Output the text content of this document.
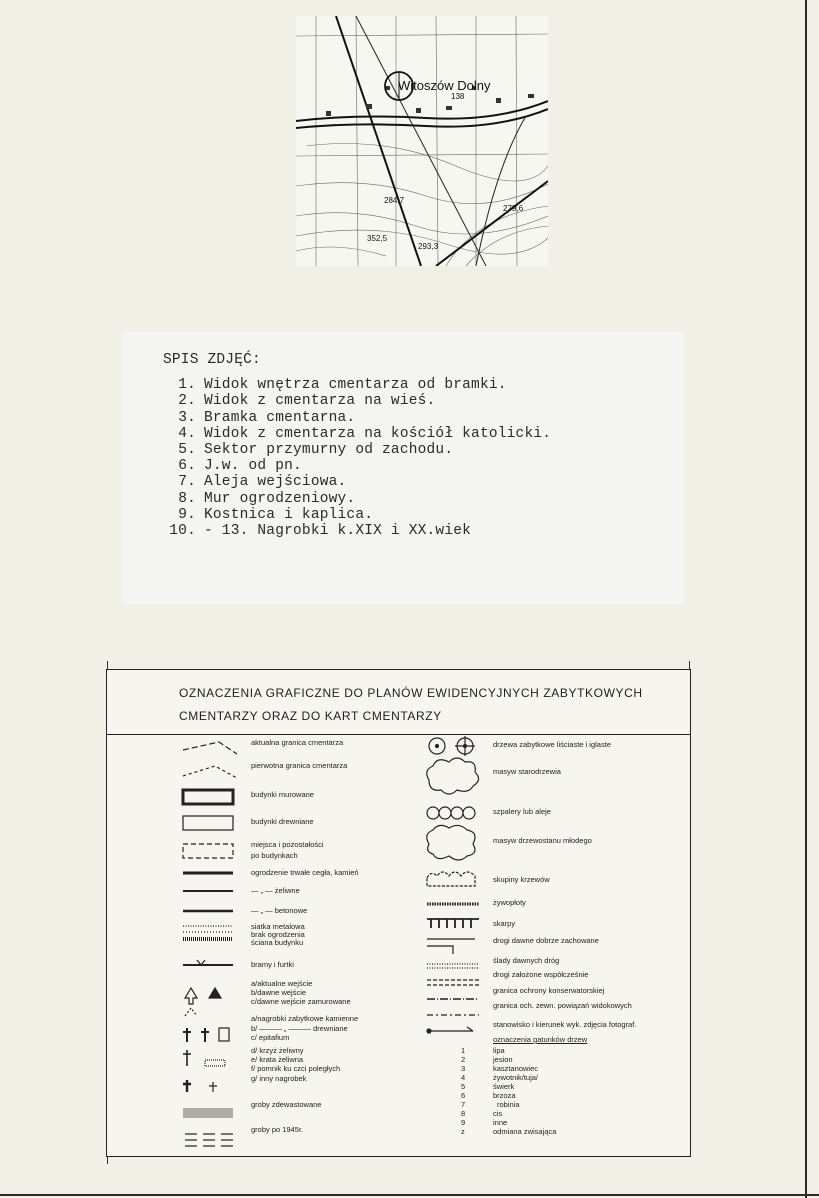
Witoszów Dolny
138
284,7
279,6
352,5
293,3
SPIS ZDJĘĆ:
1. Widok wnętrza cmentarza od bramki.
2. Widok z cmentarza na wieś.
3. Bramka cmentarna.
4. Widok z cmentarza na kościół katolicki.
5. Sektor przymurny od zachodu.
6. J.w. od pn.
7. Aleja wejściowa.
8. Mur ogrodzeniowy.
9. Kostnica i kaplica.
10. - 13. Nagrobki k.XIX i XX.wiek
OZNACZENIA GRAFICZNE DO PLANÓW EWIDENCYJNYCH ZABYTKOWYCH
CMENTARZY ORAZ DO KART CMENTARZY
aktualna granica cmentarza
pierwotna granica cmentarza
budynki murowane
budynki drewniane
miejsca i pozostałości
po budynkach
ogrodzenie trwałe cegła, kamień
— „ — żeliwne
— „ — betonowe
siatka metalowa
brak ogrodzenia
ściana budynku
bramy i furtki
a/aktualne wejście
b/dawne wejście
c/dawne wejście zamurowane
a/nagrobki zabytkowe kamienne
b/ ——— „ ——— drewniane
c/ epitafium
d/ krzyż żeliwny
e/ krata żeliwna
f/ pomnik ku czci poległych
g/ inny nagrobek
groby zdewastowane
groby po 1945r.
drzewa zabytkowe liściaste i iglaste
masyw starodrzewia
szpalery lub aleje
masyw drzewostanu młodego
skupiny krzewów
żywopłoty
skarpy
drogi dawne dobrze zachowane
ślady dawnych dróg
drogi założone współcześnie
granica ochrony konserwatorskiej
granica och. zewn. powiązań widokowych
stanowisko i kierunek wyk. zdjęcia fotograf.
oznaczenia gatunków drzew
1	lipa
2	jesion
3	kasztanowiec
4	żywotnik/tuja/
5	świerk
6	brzoza
7	robinia
8	cis
9	inne
z	odmiana zwisająca
